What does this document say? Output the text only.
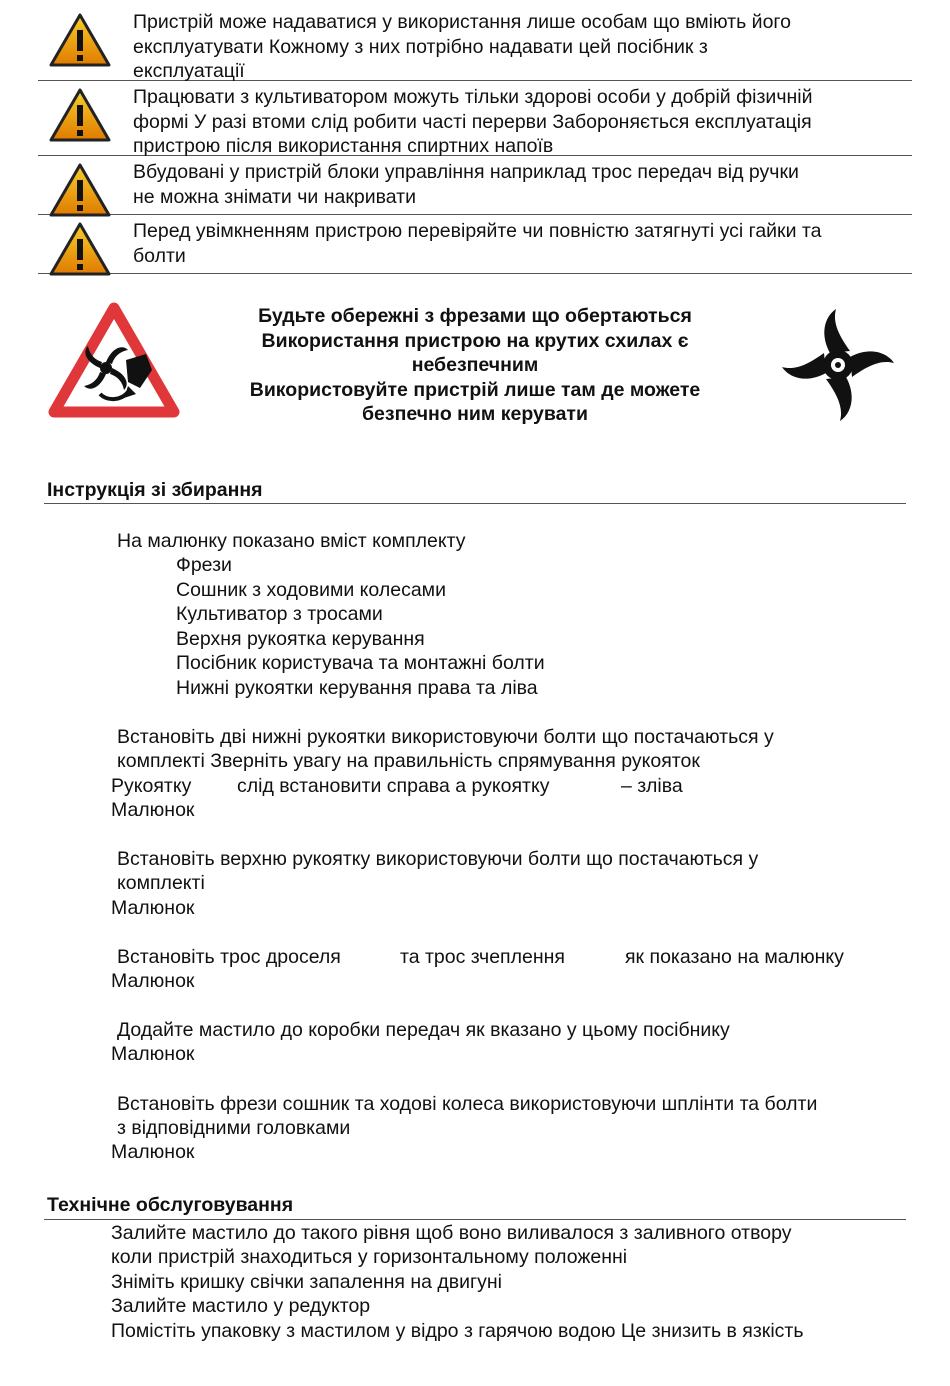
Пристрій може надаватися у використання лише особам що вміють його
експлуатувати Кожному з них потрібно надавати цей посібник з
експлуатації
Працювати з культиватором можуть тільки здорові особи у добрій фізичній
формі У разі втоми слід робити часті перерви Забороняється експлуатація
пристрою після використання спиртних напоїв
Вбудовані у пристрій блоки управління наприклад трос передач від ручки
не можна знімати чи накривати
Перед увімкненням пристрою перевіряйте чи повністю затягнуті усі гайки та
болти
Будьте обережні з фрезами що обертаються
Використання пристрою на крутих схилах є
небезпечним
Використовуйте пристрій лише там де можете
безпечно ним керувати
Інструкція зі збирання
На малюнку показано вміст комплекту
Фрези
Сошник з ходовими колесами
Культиватор з тросами
Верхня рукоятка керування
Посібник користувача та монтажні болти
Нижні рукоятки керування права та ліва
Встановіть дві нижні рукоятки використовуючи болти що постачаються у
комплекті Зверніть увагу на правильність спрямування рукояток
Рукоятку слід встановити справа а рукоятку	– зліва
Малюнок
Встановіть верхню рукоятку використовуючи болти що постачаються у
комплекті
Малюнок
Встановіть трос дроселя	та трос зчеплення	як показано на малюнку
Малюнок
Додайте мастило до коробки передач як вказано у цьому посібнику
Малюнок
Встановіть фрези сошник та ходові колеса використовуючи шплінти та болти
з відповідними головками
Малюнок
Технічне обслуговування
Залийте мастило до такого рівня щоб воно виливалося з заливного отвору
коли пристрій знаходиться у горизонтальному положенні
Зніміть кришку свічки запалення на двигуні
Залийте мастило у редуктор
Помістіть упаковку з мастилом у відро з гарячою водою Це знизить в язкість
